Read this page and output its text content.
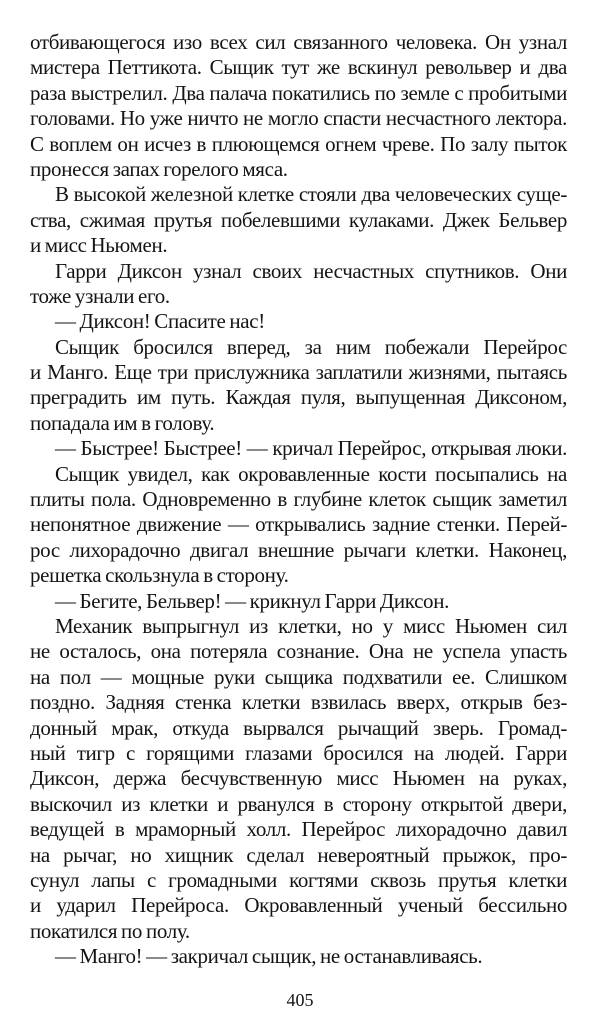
отбивающегося изо всех сил связанного человека. Он узнал
мистера Петтикота. Сыщик тут же вскинул револьвер и два
раза выстрелил. Два палача покатились по земле с пробитыми
головами. Но уже ничто не могло спасти несчастного лектора.
С воплем он исчез в плюющемся огнем чреве. По залу пыток
пронесся запах горелого мяса.
В высокой железной клетке стояли два человеческих суще-
ства, сжимая прутья побелевшими кулаками. Джек Бельвер
и мисс Ньюмен.
Гарри Диксон узнал своих несчастных спутников. Они
тоже узнали его.
— Диксон! Спасите нас!
Сыщик бросился вперед, за ним побежали Перейрос
и Манго. Еще три прислужника заплатили жизнями, пытаясь
преградить им путь. Каждая пуля, выпущенная Диксоном,
попадала им в голову.
— Быстрее! Быстрее! — кричал Перейрос, открывая люки.
Сыщик увидел, как окровавленные кости посыпались на
плиты пола. Одновременно в глубине клеток сыщик заметил
непонятное движение — открывались задние стенки. Перей-
рос лихорадочно двигал внешние рычаги клетки. Наконец,
решетка скользнула в сторону.
— Бегите, Бельвер! — крикнул Гарри Диксон.
Механик выпрыгнул из клетки, но у мисс Ньюмен сил
не осталось, она потеряла сознание. Она не успела упасть
на пол — мощные руки сыщика подхватили ее. Слишком
поздно. Задняя стенка клетки взвилась вверх, открыв без-
донный мрак, откуда вырвался рычащий зверь. Громад-
ный тигр с горящими глазами бросился на людей. Гарри
Диксон, держа бесчувственную мисс Ньюмен на руках,
выскочил из клетки и рванулся в сторону открытой двери,
ведущей в мраморный холл. Перейрос лихорадочно давил
на рычаг, но хищник сделал невероятный прыжок, про-
сунул лапы с громадными когтями сквозь прутья клетки
и ударил Перейроса. Окровавленный ученый бессильно
покатился по полу.
— Манго! — закричал сыщик, не останавливаясь.
405
